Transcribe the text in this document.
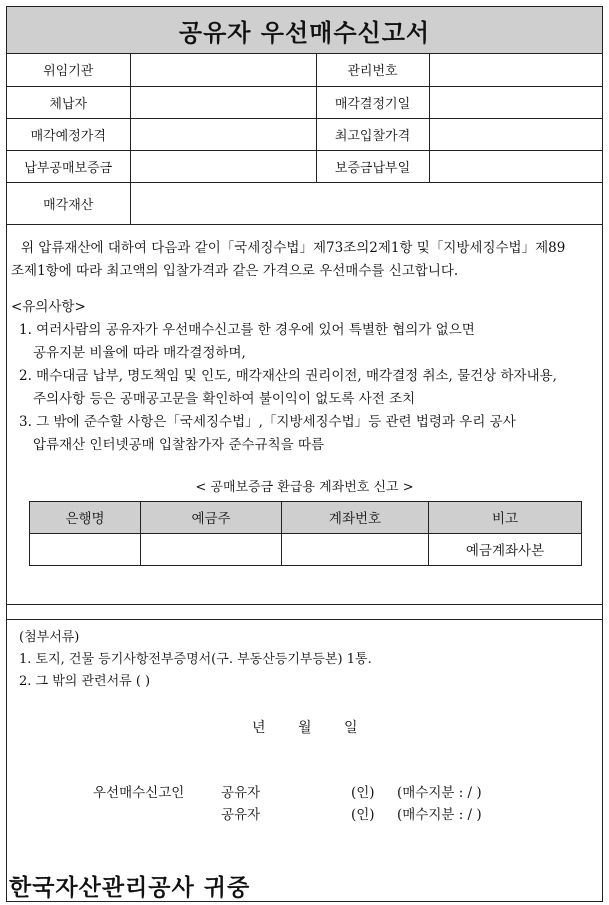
공유자 우선매수신고서
위임기관		관리번호	
체납자		매각결정기일	
매각예정가격		최고입찰가격	
납부공매보증금		보증금납부일	
매각재산			
위 압류재산에 대하여 다음과 같이「국세징수법」제73조의2제1항 및「지방세징수법」제89
조제1항에 따라 최고액의 입찰가격과 같은 가격으로 우선매수를 신고합니다.
<유의사항>
1. 여러사람의 공유자가 우선매수신고를 한 경우에 있어 특별한 협의가 없으면
공유지분 비율에 따라 매각결정하며,
2. 매수대금 납부, 명도책임 및 인도, 매각재산의 권리이전, 매각결정 취소, 물건상 하자내용,
주의사항 등은 공매공고문을 확인하여 불이익이 없도록 사전 조치
3. 그 밖에 준수할 사항은「국세징수법」,「지방세징수법」등 관련 법령과 우리 공사
압류재산 인터넷공매 입찰참가자 준수규칙을 따름
< 공매보증금 환급용 계좌번호 신고 >
은행명	예금주	계좌번호	비고
			예금계좌사본
(첨부서류)
1. 토지, 건물 등기사항전부증명서(구. 부동산등기부등본) 1통.
2. 그 밖의 관련서류 ( )
년 월 일
우선매수신고인	공유자	(인)	(매수지분 : / )
공유자	(인)	(매수지분 : / )
한국자산관리공사 귀중
